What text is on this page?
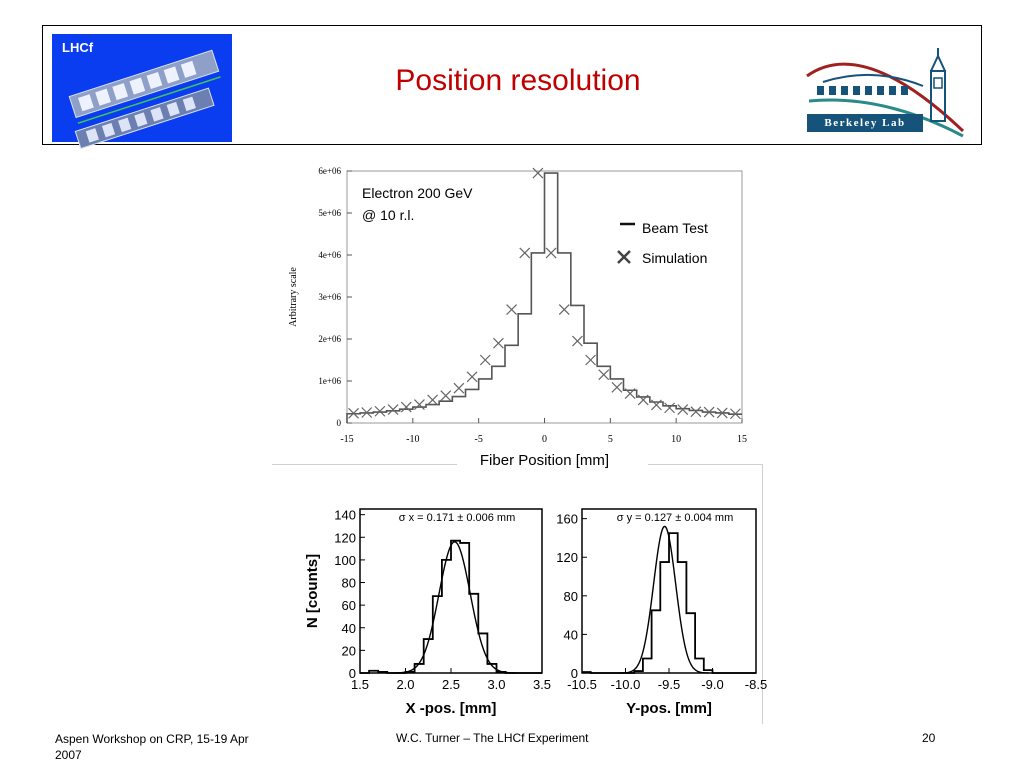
LHCf
Position resolution
Berkeley Lab
-15	-10	-5	0	5	10	15
0
1e+06
2e+06
3e+06
4e+06
5e+06
6e+06
Electron 200 GeV
@ 10 r.l.
Beam Test
Simulation
Arbitrary scale
Fiber Position [mm]
1.5 2.0 2.5 3.0 3.5
0
20
40
60
80
100
120
140	σ x = 0.171 ± 0.006 mm
X -pos. [mm]
N [counts]
-10.5 -10.0 -9.5 -9.0 -8.5
0
40
80
120
160	σ y = 0.127 ± 0.004 mm
Y-pos. [mm]
Aspen Workshop on CRP, 15-19 Apr 2007
W.C. Turner – The LHCf Experiment	20
